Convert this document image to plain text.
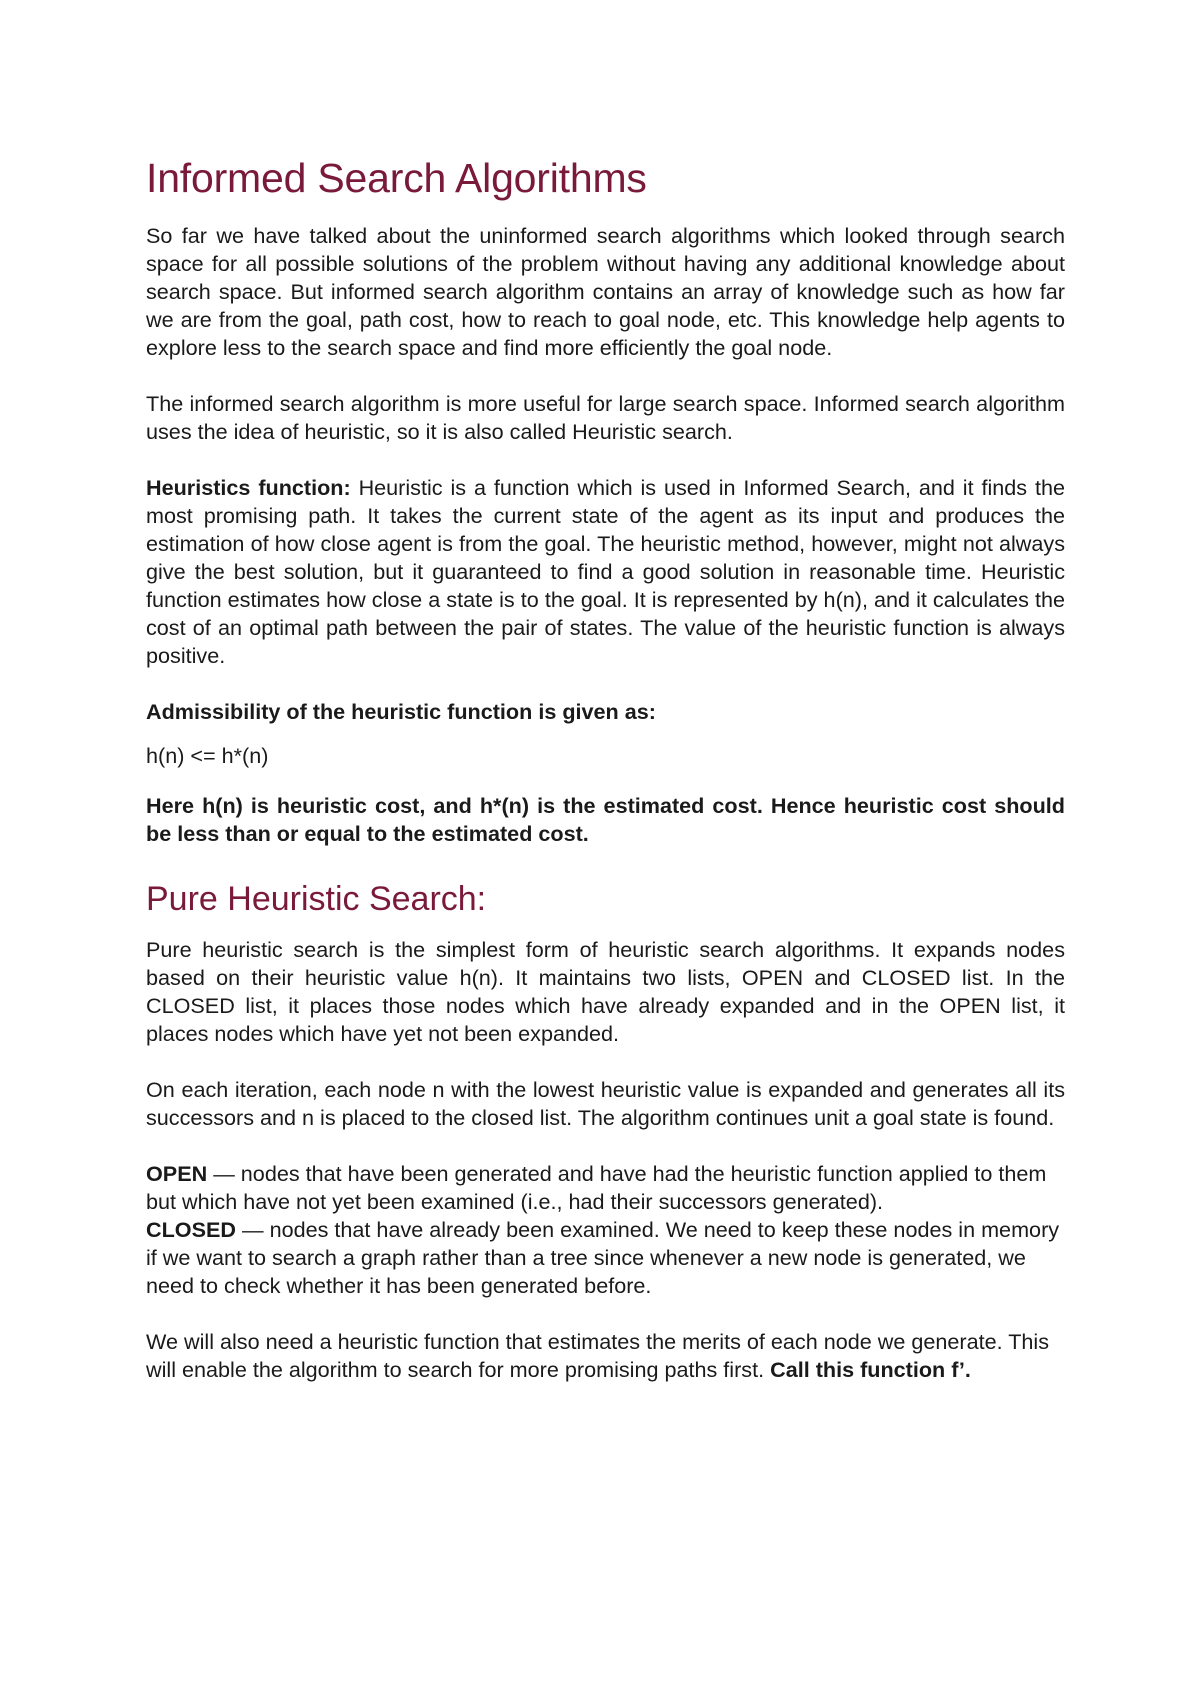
Informed Search Algorithms

So far we have talked about the uninformed search algorithms which looked through search space for all possible solutions of the problem without having any additional knowledge about search space. But informed search algorithm contains an array of knowledge such as how far we are from the goal, path cost, how to reach to goal node, etc. This knowledge help agents to explore less to the search space and find more efficiently the goal node.

The informed search algorithm is more useful for large search space. Informed search algorithm uses the idea of heuristic, so it is also called Heuristic search.

Heuristics function: Heuristic is a function which is used in Informed Search, and it finds the most promising path. It takes the current state of the agent as its input and produces the estimation of how close agent is from the goal. The heuristic method, however, might not always give the best solution, but it guaranteed to find a good solution in reasonable time. Heuristic function estimates how close a state is to the goal. It is represented by h(n), and it calculates the cost of an optimal path between the pair of states. The value of the heuristic function is always positive.

Admissibility of the heuristic function is given as:

h(n) <= h*(n)

Here h(n) is heuristic cost, and h*(n) is the estimated cost. Hence heuristic cost should be less than or equal to the estimated cost.

Pure Heuristic Search:

Pure heuristic search is the simplest form of heuristic search algorithms. It expands nodes based on their heuristic value h(n). It maintains two lists, OPEN and CLOSED list. In the CLOSED list, it places those nodes which have already expanded and in the OPEN list, it places nodes which have yet not been expanded.

On each iteration, each node n with the lowest heuristic value is expanded and generates all its successors and n is placed to the closed list. The algorithm continues unit a goal state is found.

OPEN — nodes that have been generated and have had the heuristic function applied to them but which have not yet been examined (i.e., had their successors generated).

CLOSED — nodes that have already been examined. We need to keep these nodes in memory if we want to search a graph rather than a tree since whenever a new node is generated, we need to check whether it has been generated before.

We will also need a heuristic function that estimates the merits of each node we generate. This will enable the algorithm to search for more promising paths first. Call this function f’.
